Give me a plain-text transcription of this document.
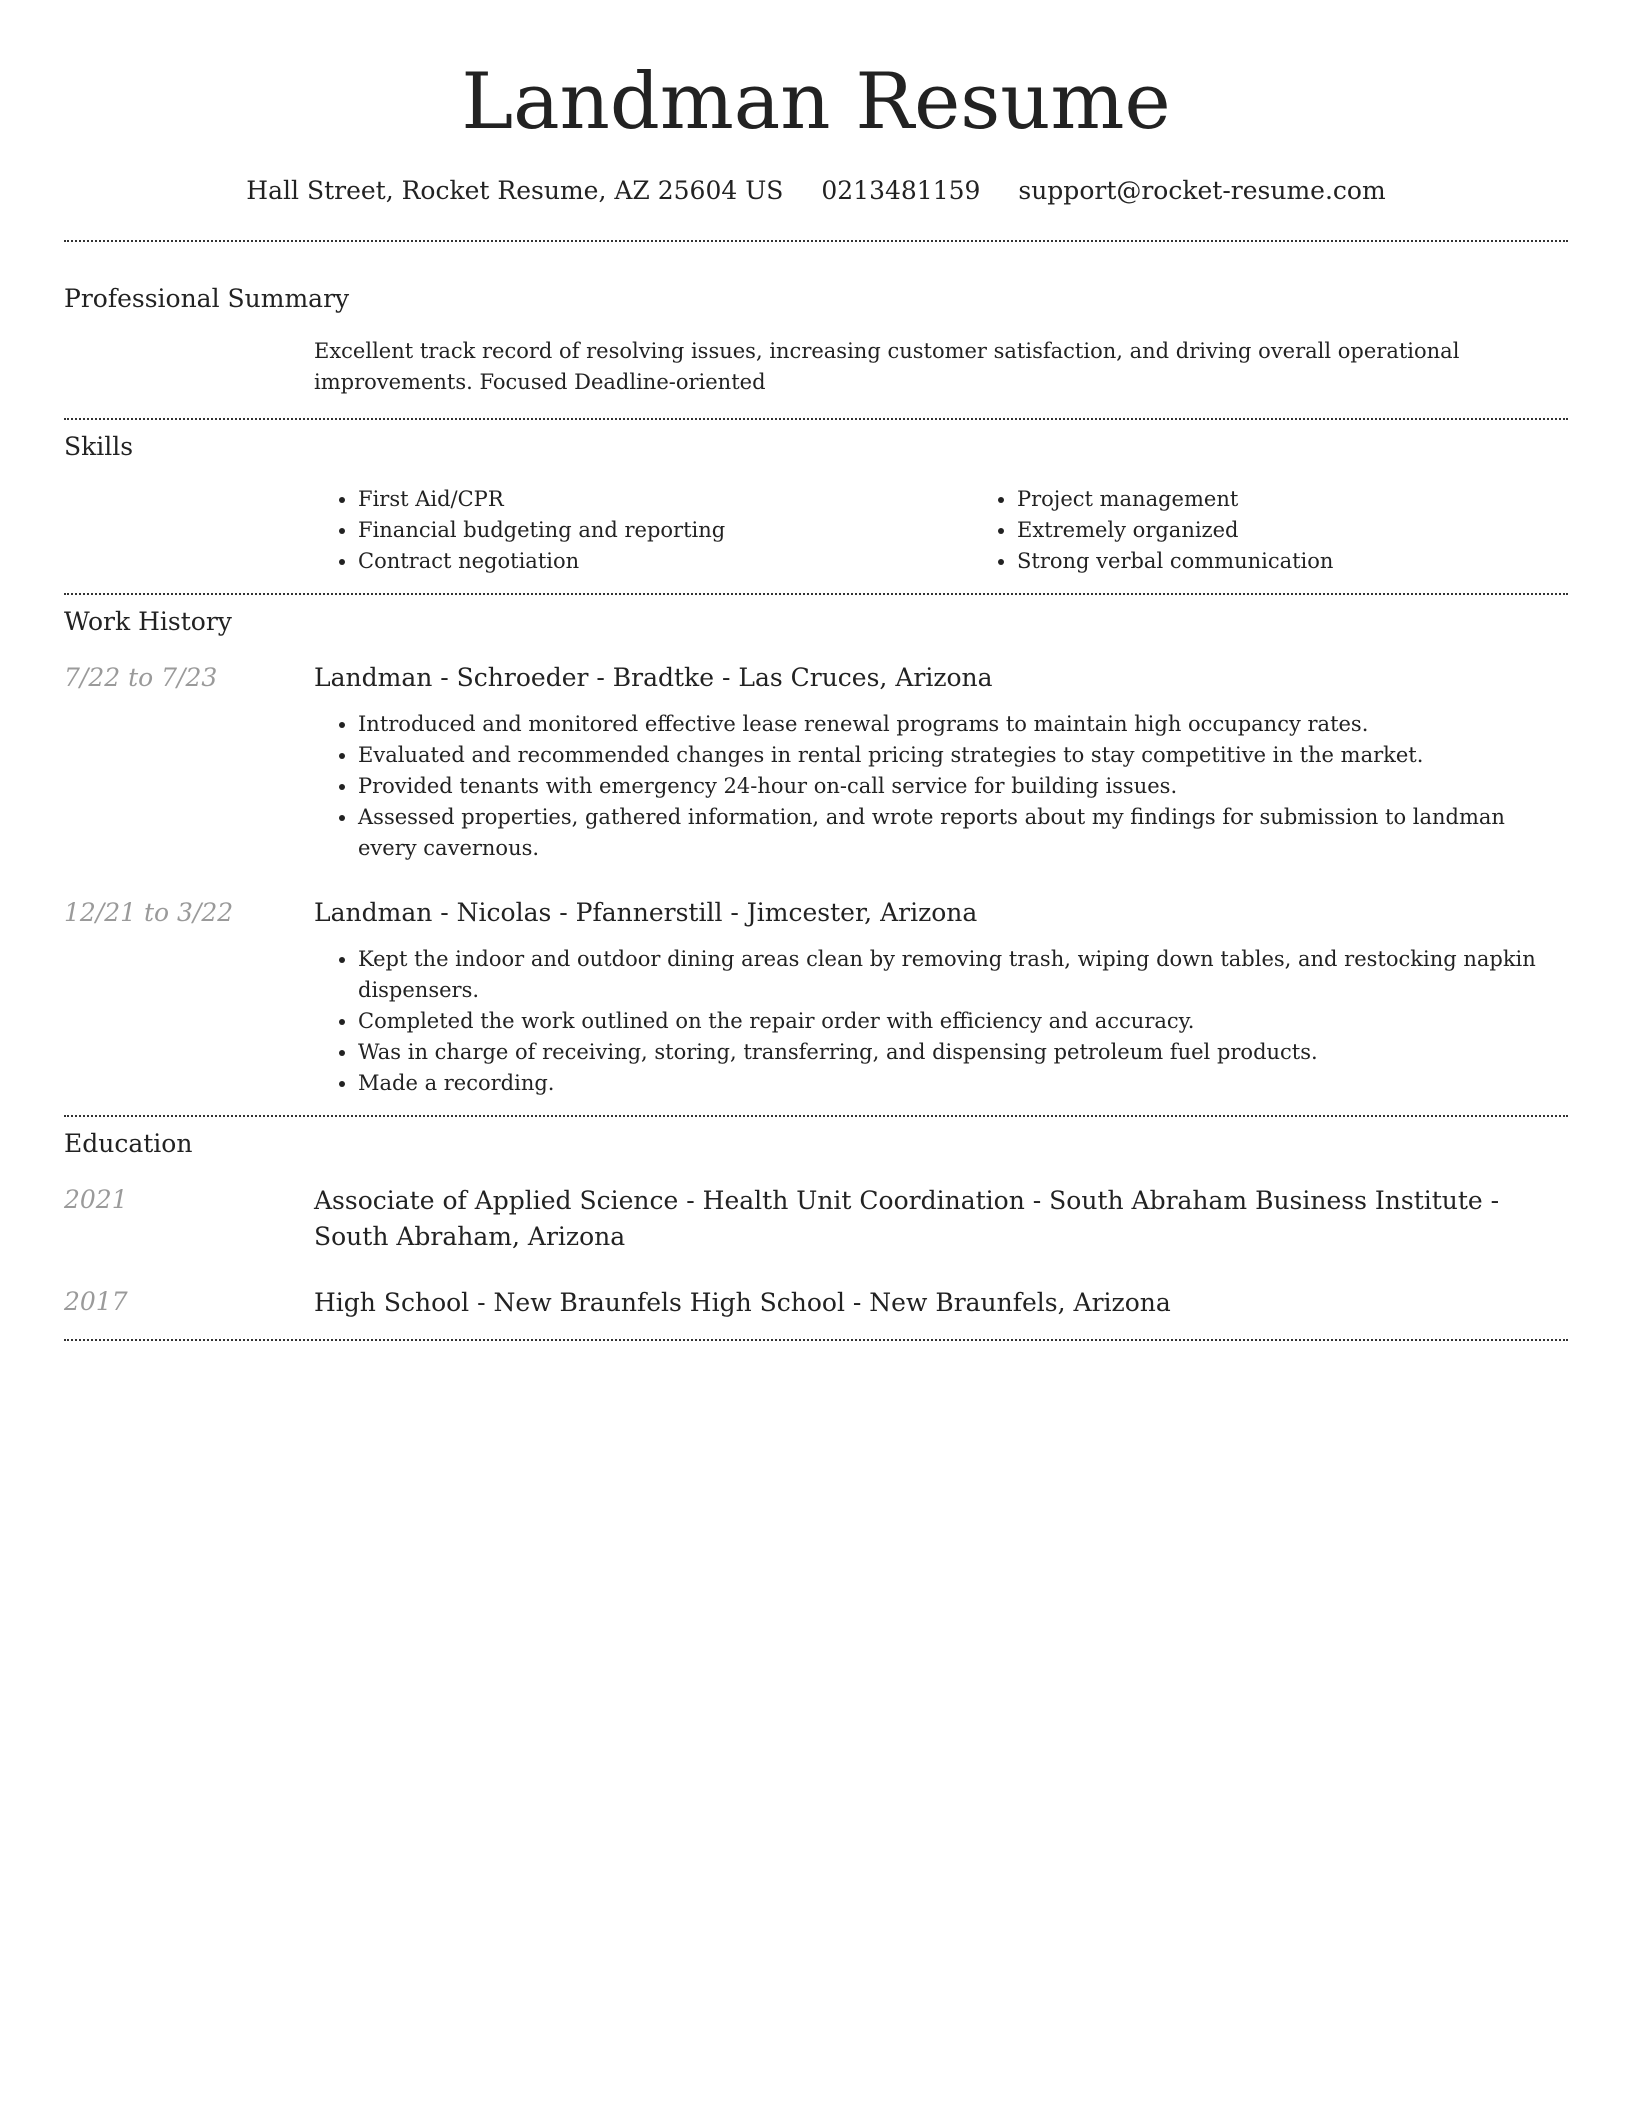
Landman Resume
Hall Street, Rocket Resume, AZ 25604 US 0213481159 support@rocket-resume.com
Professional Summary
Excellent track record of resolving issues, increasing customer satisfaction, and driving overall operational improvements. Focused Deadline-oriented
Skills
• First Aid/CPR
• Financial budgeting and reporting
• Contract negotiation
• Project management
• Extremely organized
• Strong verbal communication
Work History
7/22 to 7/23	Landman - Schroeder - Bradtke - Las Cruces, Arizona
• Introduced and monitored effective lease renewal programs to maintain high occupancy rates.
• Evaluated and recommended changes in rental pricing strategies to stay competitive in the market.
• Provided tenants with emergency 24-hour on-call service for building issues.
• Assessed properties, gathered information, and wrote reports about my findings for submission to landman every cavernous.
12/21 to 3/22	Landman - Nicolas - Pfannerstill - Jimcester, Arizona
• Kept the indoor and outdoor dining areas clean by removing trash, wiping down tables, and restocking napkin dispensers.
• Completed the work outlined on the repair order with efficiency and accuracy.
• Was in charge of receiving, storing, transferring, and dispensing petroleum fuel products.
• Made a recording.
Education
2021	Associate of Applied Science - Health Unit Coordination - South Abraham Business Institute - South Abraham, Arizona
2017	High School - New Braunfels High School - New Braunfels, Arizona
